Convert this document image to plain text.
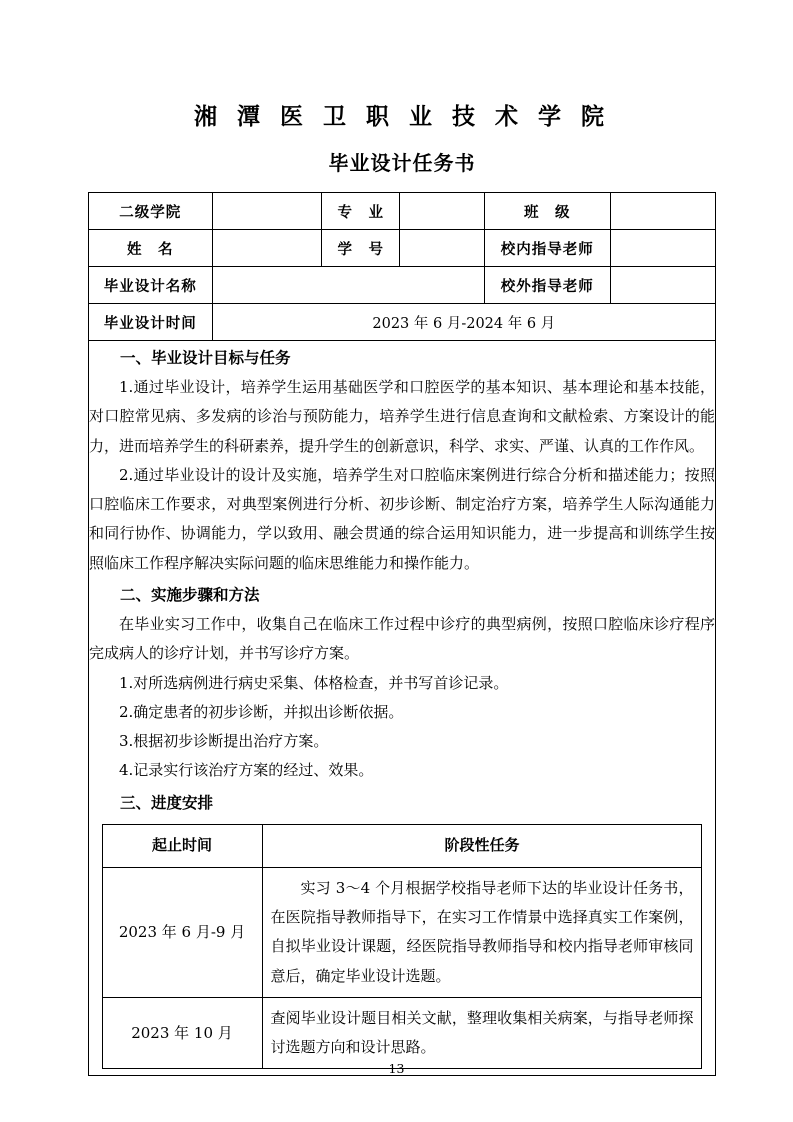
湘 潭 医 卫 职 业 技 术 学 院
毕业设计任务书
二级学院		专　业		班　级	
姓　名		学　号		校内指导老师	
毕业设计名称		校外指导老师	
毕业设计时间	2023 年 6 月-2024 年 6 月

一、毕业设计目标与任务

1.通过毕业设计，培养学生运用基础医学和口腔医学的基本知识、基本理论和基本技能，对口腔常见病、多发病的诊治与预防能力，培养学生进行信息查询和文献检索、方案设计的能力，进而培养学生的科研素养，提升学生的创新意识，科学、求实、严谨、认真的工作作风。

2.通过毕业设计的设计及实施，培养学生对口腔临床案例进行综合分析和描述能力；按照口腔临床工作要求，对典型案例进行分析、初步诊断、制定治疗方案，培养学生人际沟通能力和同行协作、协调能力，学以致用、融会贯通的综合运用知识能力，进一步提高和训练学生按照临床工作程序解决实际问题的临床思维能力和操作能力。

二、实施步骤和方法

在毕业实习工作中，收集自己在临床工作过程中诊疗的典型病例，按照口腔临床诊疗程序完成病人的诊疗计划，并书写诊疗方案。

1.对所选病例进行病史采集、体格检查，并书写首诊记录。

2.确定患者的初步诊断，并拟出诊断依据。

3.根据初步诊断提出治疗方案。

4.记录实行该治疗方案的经过、效果。

三、进度安排

起止时间	阶段性任务
2023 年 6 月-9 月	实习 3～4 个月根据学校指导老师下达的毕业设计任务书，在医院指导教师指导下，在实习工作情景中选择真实工作案例，自拟毕业设计课题，经医院指导教师指导和校内指导老师审核同意后，确定毕业设计选题。
2023 年 10 月	查阅毕业设计题目相关文献，整理收集相关病案，与指导老师探讨选题方向和设计思路。
13
